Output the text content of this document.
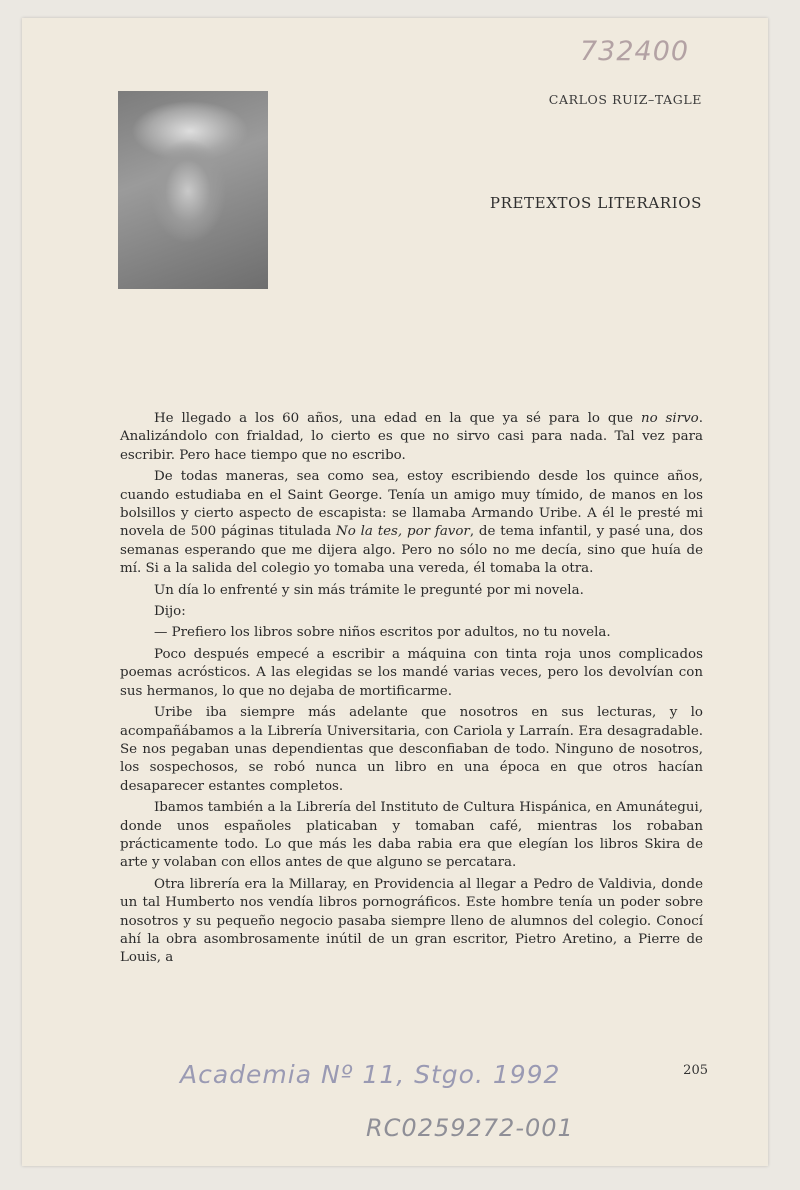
732400
CARLOS RUIZ–TAGLE
PRETEXTOS LITERARIOS

He llegado a los 60 años, una edad en la que ya sé para lo que no sirvo. Analizándolo con frialdad, lo cierto es que no sirvo casi para nada. Tal vez para escribir. Pero hace tiempo que no escribo.

De todas maneras, sea como sea, estoy escribiendo desde los quince años, cuando estudiaba en el Saint George. Tenía un amigo muy tímido, de manos en los bolsillos y cierto aspecto de escapista: se llamaba Armando Uribe. A él le presté mi novela de 500 páginas titulada No la tes, por favor, de tema infantil, y pasé una, dos semanas esperando que me dijera algo. Pero no sólo no me decía, sino que huía de mí. Si a la salida del colegio yo tomaba una vereda, él tomaba la otra.

Un día lo enfrenté y sin más trámite le pregunté por mi novela.

Dijo:

— Prefiero los libros sobre niños escritos por adultos, no tu novela.

Poco después empecé a escribir a máquina con tinta roja unos complicados poemas acrósticos. A las elegidas se los mandé varias veces, pero los devolvían con sus hermanos, lo que no dejaba de mortificarme.

Uribe iba siempre más adelante que nosotros en sus lecturas, y lo acompañábamos a la Librería Universitaria, con Cariola y Larraín. Era desagradable. Se nos pegaban unas dependientas que desconfiaban de todo. Ninguno de nosotros, los sospechosos, se robó nunca un libro en una época en que otros hacían desaparecer estantes completos.

Ibamos también a la Librería del Instituto de Cultura Hispánica, en Amunátegui, donde unos españoles platicaban y tomaban café, mientras los robaban prácticamente todo. Lo que más les daba rabia era que elegían los libros Skira de arte y volaban con ellos antes de que alguno se percatara.

Otra librería era la Millaray, en Providencia al llegar a Pedro de Valdivia, donde un tal Humberto nos vendía libros pornográficos. Este hombre tenía un poder sobre nosotros y su pequeño negocio pasaba siempre lleno de alumnos del colegio. Conocí ahí la obra asombrosamente inútil de un gran escritor, Pietro Aretino, a Pierre de Louis, a

205
Academia Nº 11, Stgo. 1992
RC0259272-001
